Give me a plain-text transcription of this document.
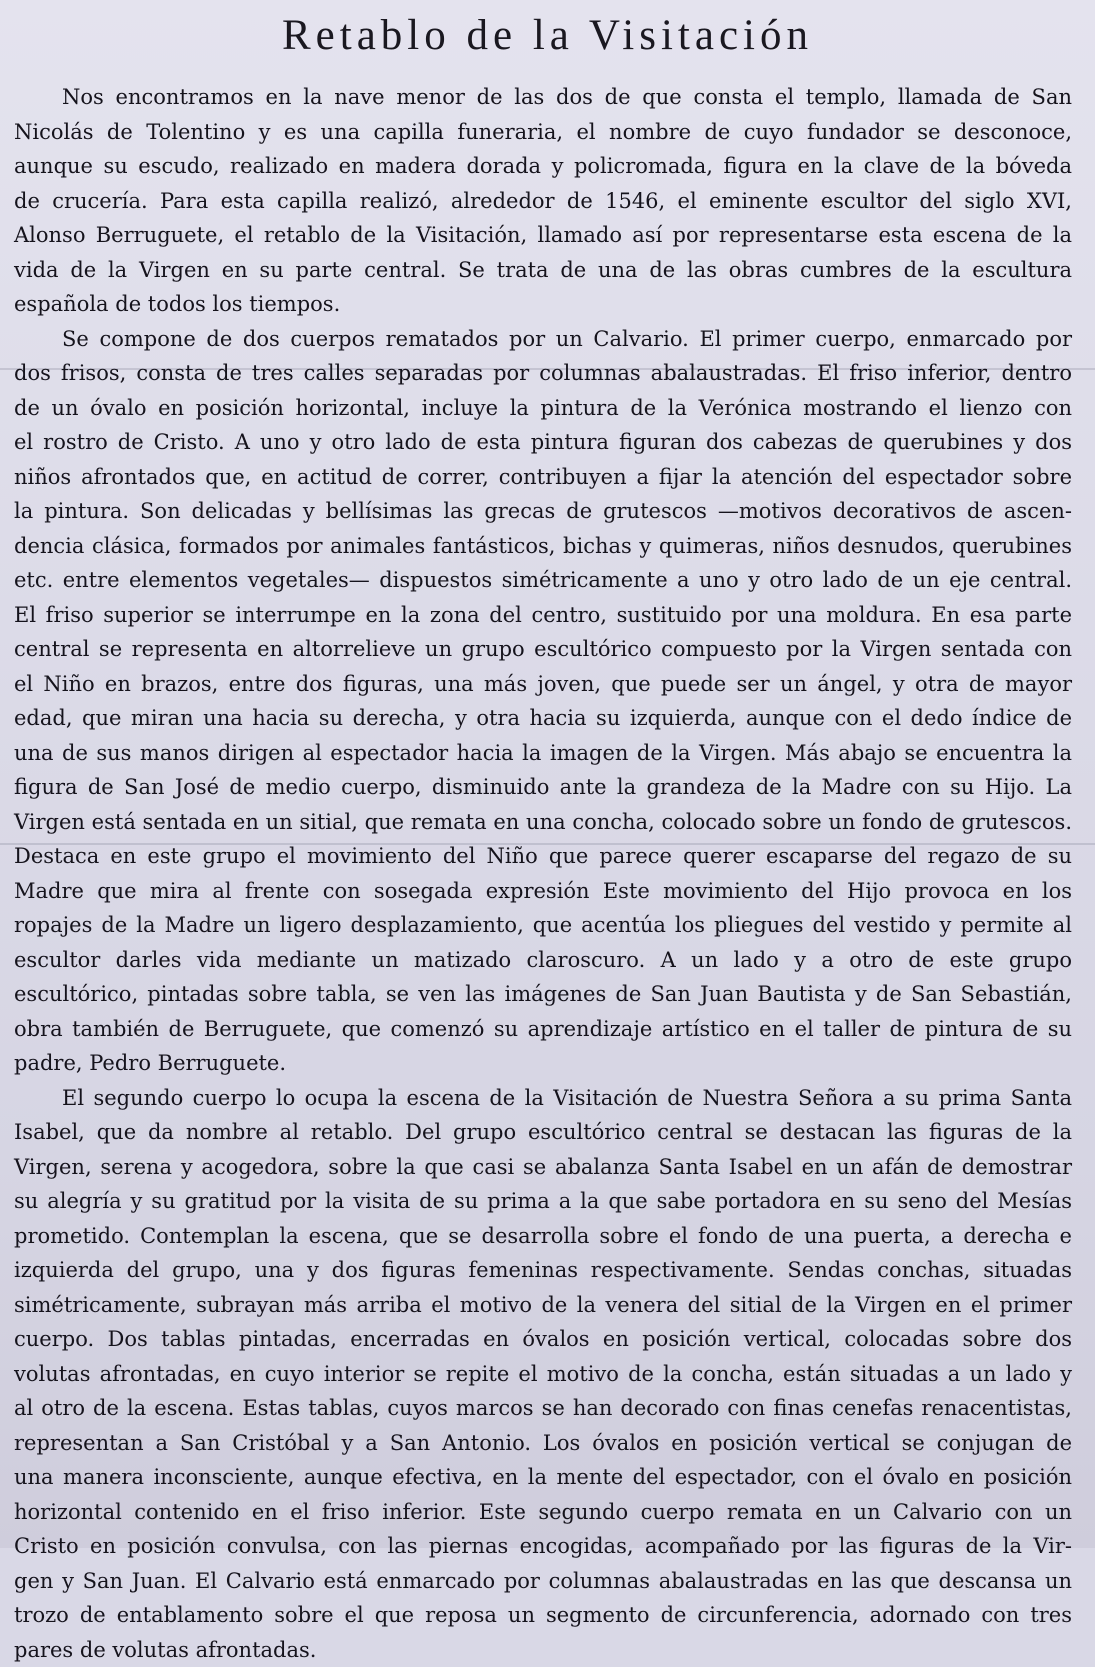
Retablo de la Visitación
Nos encontramos en la nave menor de las dos de que consta el templo, llamada de San
Nicolás de Tolentino y es una capilla funeraria, el nombre de cuyo fundador se desconoce,
aunque su escudo, realizado en madera dorada y policromada, figura en la clave de la bóveda
de crucería. Para esta capilla realizó, alrededor de 1546, el eminente escultor del siglo XVI,
Alonso Berruguete, el retablo de la Visitación, llamado así por representarse esta escena de la
vida de la Virgen en su parte central. Se trata de una de las obras cumbres de la escultura
española de todos los tiempos.
Se compone de dos cuerpos rematados por un Calvario. El primer cuerpo, enmarcado por
dos frisos, consta de tres calles separadas por columnas abalaustradas. El friso inferior, dentro
de un óvalo en posición horizontal, incluye la pintura de la Verónica mostrando el lienzo con
el rostro de Cristo. A uno y otro lado de esta pintura figuran dos cabezas de querubines y dos
niños afrontados que, en actitud de correr, contribuyen a fijar la atención del espectador sobre
la pintura. Son delicadas y bellísimas las grecas de grutescos —motivos decorativos de ascen-
dencia clásica, formados por animales fantásticos, bichas y quimeras, niños desnudos, querubines
etc. entre elementos vegetales— dispuestos simétricamente a uno y otro lado de un eje central.
El friso superior se interrumpe en la zona del centro, sustituido por una moldura. En esa parte
central se representa en altorrelieve un grupo escultórico compuesto por la Virgen sentada con
el Niño en brazos, entre dos figuras, una más joven, que puede ser un ángel, y otra de mayor
edad, que miran una hacia su derecha, y otra hacia su izquierda, aunque con el dedo índice de
una de sus manos dirigen al espectador hacia la imagen de la Virgen. Más abajo se encuentra la
figura de San José de medio cuerpo, disminuido ante la grandeza de la Madre con su Hijo. La
Virgen está sentada en un sitial, que remata en una concha, colocado sobre un fondo de grutescos.
Destaca en este grupo el movimiento del Niño que parece querer escaparse del regazo de su
Madre que mira al frente con sosegada expresión Este movimiento del Hijo provoca en los
ropajes de la Madre un ligero desplazamiento, que acentúa los pliegues del vestido y permite al
escultor darles vida mediante un matizado claroscuro. A un lado y a otro de este grupo
escultórico, pintadas sobre tabla, se ven las imágenes de San Juan Bautista y de San Sebastián,
obra también de Berruguete, que comenzó su aprendizaje artístico en el taller de pintura de su
padre, Pedro Berruguete.
El segundo cuerpo lo ocupa la escena de la Visitación de Nuestra Señora a su prima Santa
Isabel, que da nombre al retablo. Del grupo escultórico central se destacan las figuras de la
Virgen, serena y acogedora, sobre la que casi se abalanza Santa Isabel en un afán de demostrar
su alegría y su gratitud por la visita de su prima a la que sabe portadora en su seno del Mesías
prometido. Contemplan la escena, que se desarrolla sobre el fondo de una puerta, a derecha e
izquierda del grupo, una y dos figuras femeninas respectivamente. Sendas conchas, situadas
simétricamente, subrayan más arriba el motivo de la venera del sitial de la Virgen en el primer
cuerpo. Dos tablas pintadas, encerradas en óvalos en posición vertical, colocadas sobre dos
volutas afrontadas, en cuyo interior se repite el motivo de la concha, están situadas a un lado y
al otro de la escena. Estas tablas, cuyos marcos se han decorado con finas cenefas renacentistas,
representan a San Cristóbal y a San Antonio. Los óvalos en posición vertical se conjugan de
una manera inconsciente, aunque efectiva, en la mente del espectador, con el óvalo en posición
horizontal contenido en el friso inferior. Este segundo cuerpo remata en un Calvario con un
Cristo en posición convulsa, con las piernas encogidas, acompañado por las figuras de la Vir-
gen y San Juan. El Calvario está enmarcado por columnas abalaustradas en las que descansa un
trozo de entablamento sobre el que reposa un segmento de circunferencia, adornado con tres
pares de volutas afrontadas.
